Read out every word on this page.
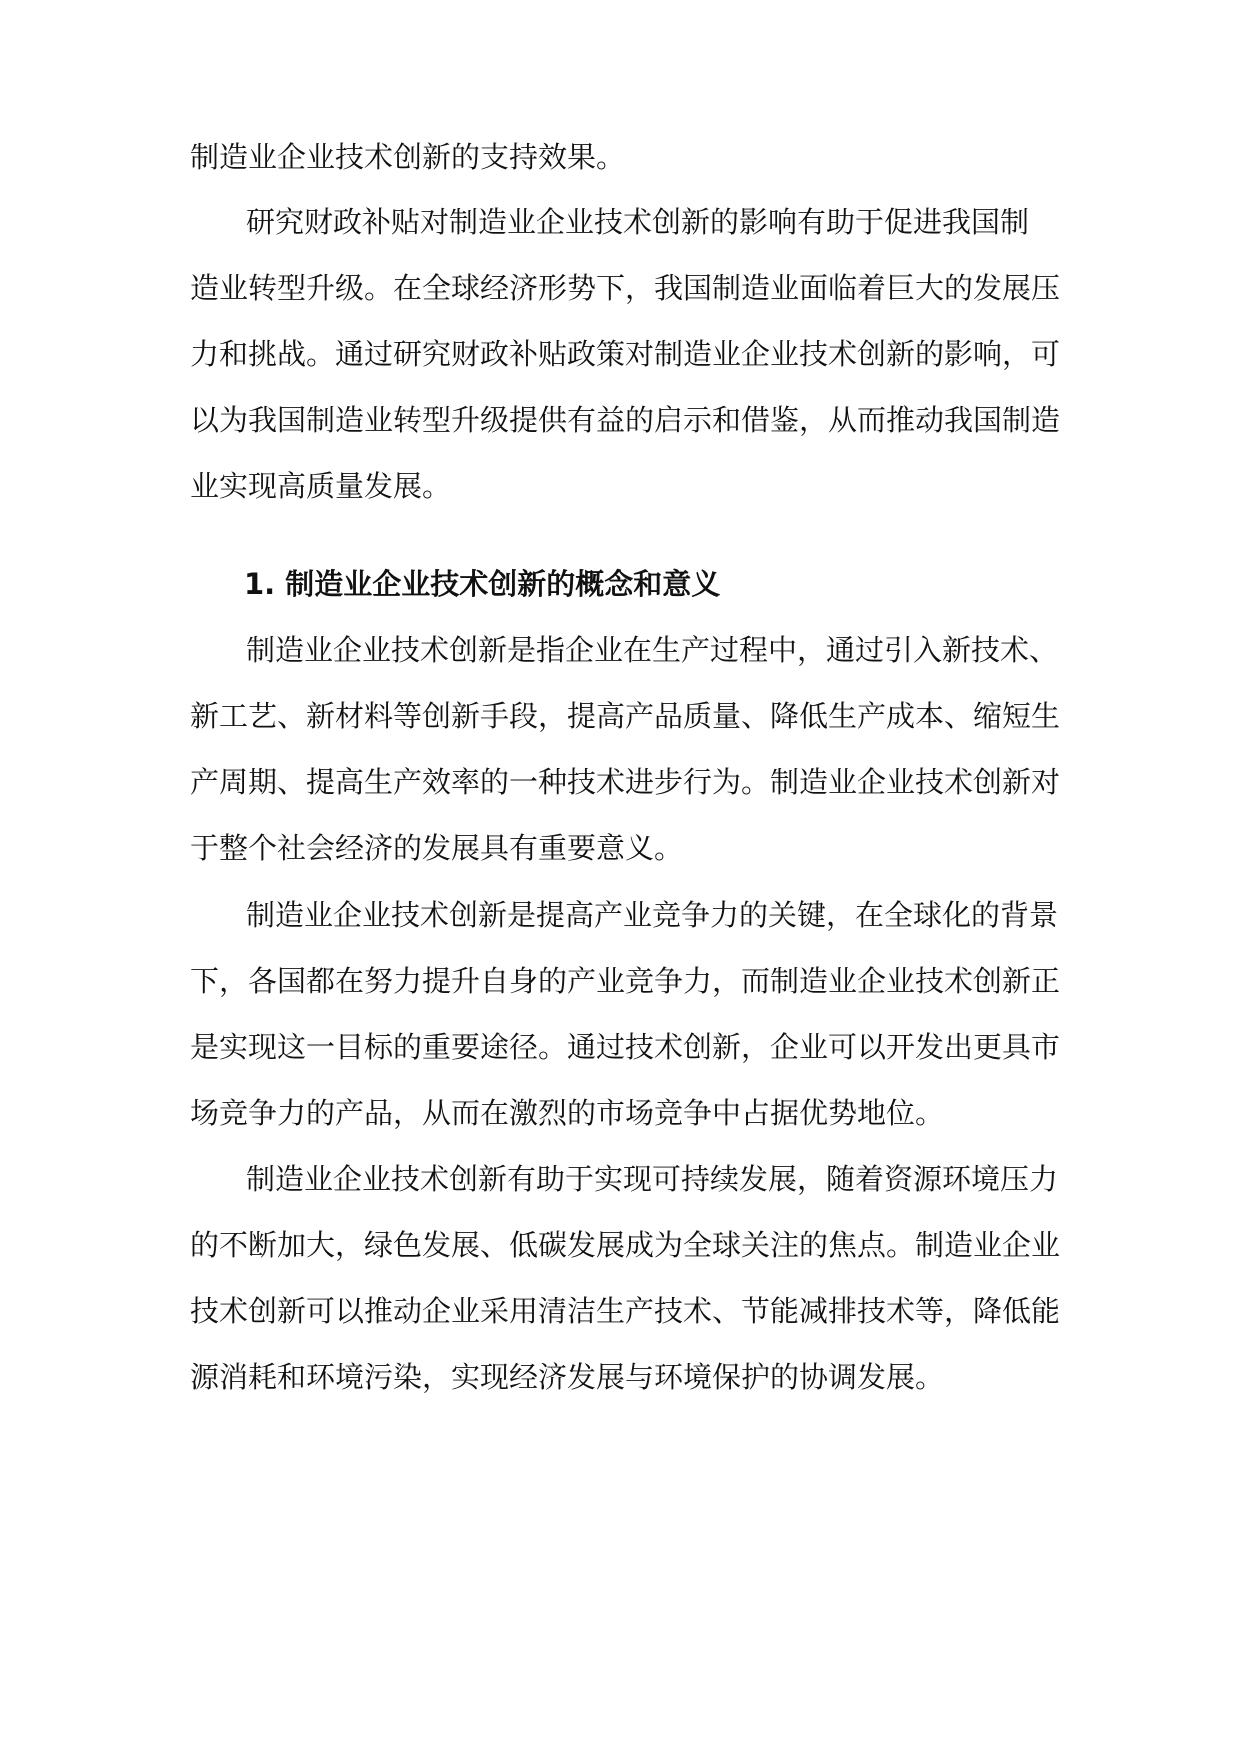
制造业企业技术创新的支持效果。
研究财政补贴对制造业企业技术创新的影响有助于促进我国制
造业转型升级。在全球经济形势下，我国制造业面临着巨大的发展压
力和挑战。通过研究财政补贴政策对制造业企业技术创新的影响，可
以为我国制造业转型升级提供有益的启示和借鉴，从而推动我国制造
业实现高质量发展。
1. 制造业企业技术创新的概念和意义
制造业企业技术创新是指企业在生产过程中，通过引入新技术、
新工艺、新材料等创新手段，提高产品质量、降低生产成本、缩短生
产周期、提高生产效率的一种技术进步行为。制造业企业技术创新对
于整个社会经济的发展具有重要意义。
制造业企业技术创新是提高产业竞争力的关键，在全球化的背景
下，各国都在努力提升自身的产业竞争力，而制造业企业技术创新正
是实现这一目标的重要途径。通过技术创新，企业可以开发出更具市
场竞争力的产品，从而在激烈的市场竞争中占据优势地位。
制造业企业技术创新有助于实现可持续发展，随着资源环境压力
的不断加大，绿色发展、低碳发展成为全球关注的焦点。制造业企业
技术创新可以推动企业采用清洁生产技术、节能减排技术等，降低能
源消耗和环境污染，实现经济发展与环境保护的协调发展。
